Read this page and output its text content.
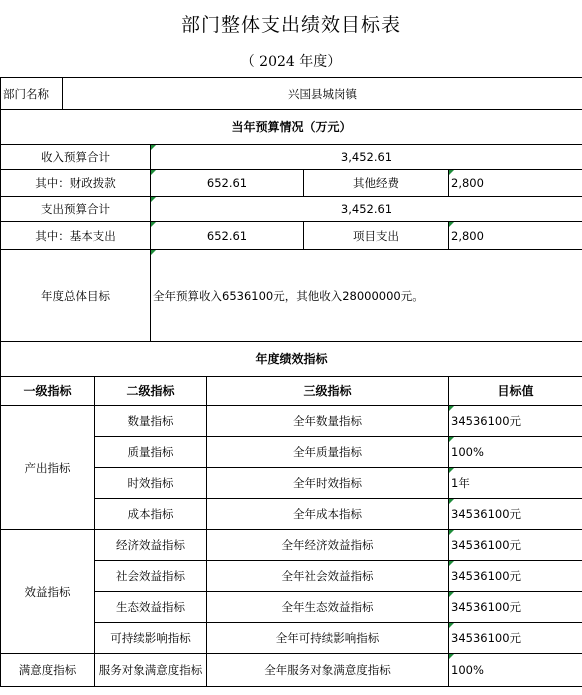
部门整体支出绩效目标表
（ 2024 年度）
部门名称	兴国县城岗镇					
当年预算情况（万元）						
收入预算合计			3,452.61			
其中：财政拨款			652.61		其他经费	2,800
支出预算合计			3,452.61			
其中：基本支出			652.61		项目支出	2,800
年度总体目标			全年预算收入6536100元，其他收入28000000元。			
年度绩效指标						
一级指标		二级指标		三级指标		目标值
产出指标		数量指标		全年数量指标		34536100元
		质量指标		全年质量指标		100%
		时效指标		全年时效指标		1年
		成本指标		全年成本指标		34536100元
效益指标		经济效益指标		全年经济效益指标		34536100元
		社会效益指标		全年社会效益指标		34536100元
		生态效益指标		全年生态效益指标		34536100元
		可持续影响指标		全年可持续影响指标		34536100元
满意度指标		服务对象满意度指标		全年服务对象满意度指标		100%
